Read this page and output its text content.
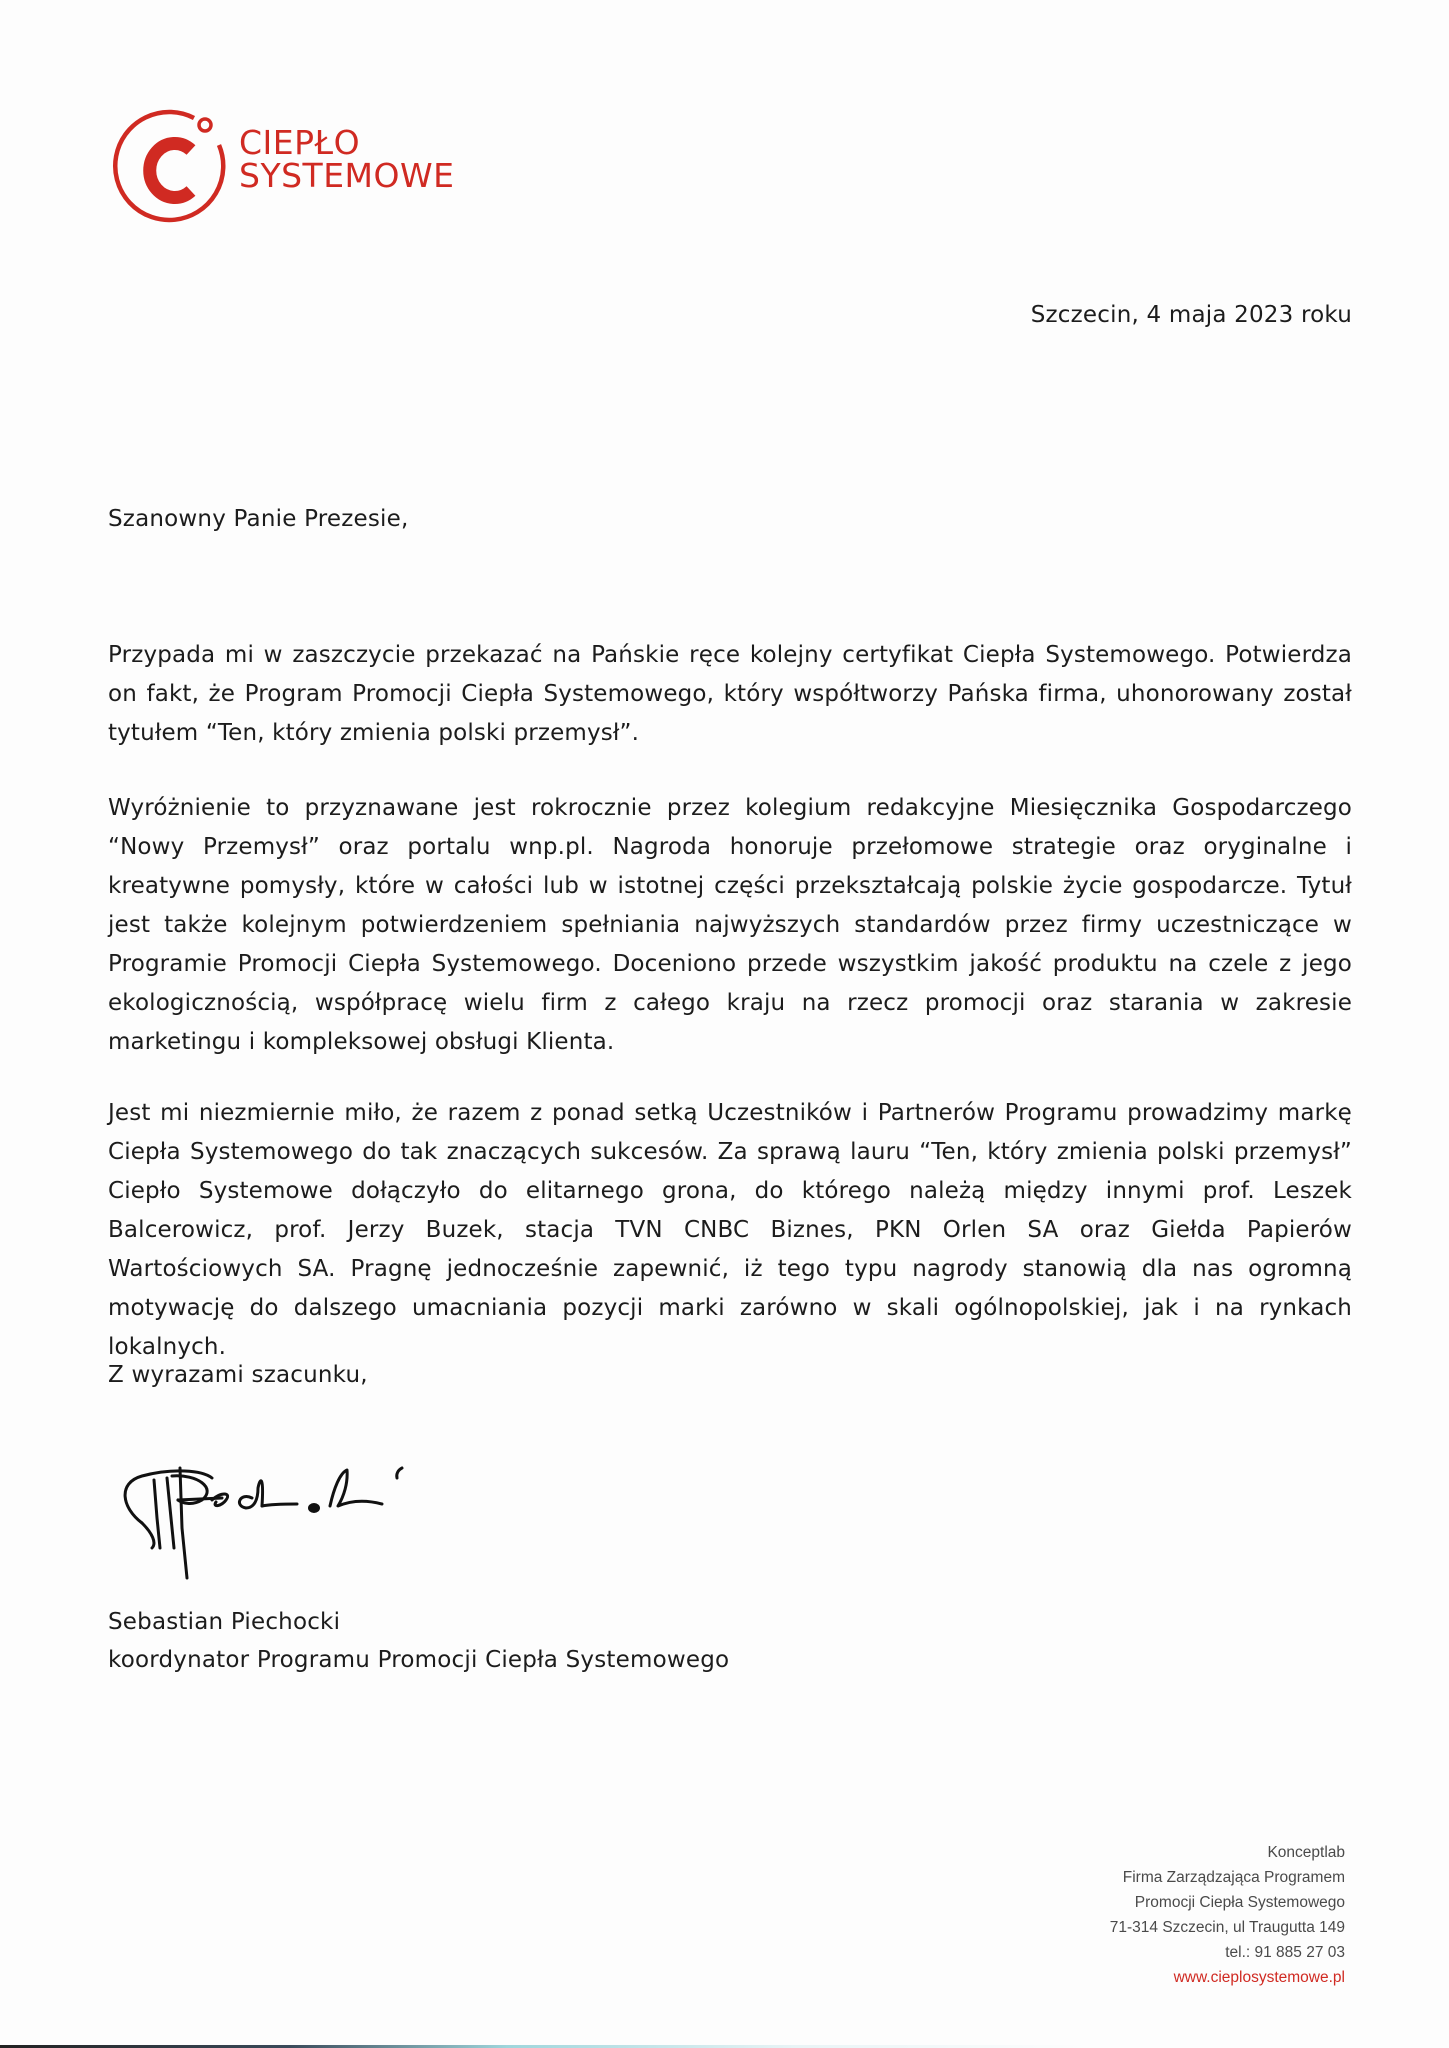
CIEPŁO
SYSTEMOWE
Szczecin, 4 maja 2023 roku
Szanowny Panie Prezesie,

Przypada mi w zaszczycie przekazać na Pańskie ręce kolejny certyfikat Ciepła Systemowego. Potwierdza on fakt, że Program Promocji Ciepła Systemowego, który współtworzy Pańska firma, uhonorowany został tytułem “Ten, który zmienia polski przemysł”.

Wyróżnienie to przyznawane jest rokrocznie przez kolegium redakcyjne Miesięcznika Gospodarczego “Nowy Przemysł” oraz portalu wnp.pl. Nagroda honoruje przełomowe strategie oraz oryginalne i kreatywne pomysły, które w całości lub w istotnej części przekształcają polskie życie gospodarcze. Tytuł jest także kolejnym potwierdzeniem spełniania najwyższych standardów przez firmy uczestniczące w Programie Promocji Ciepła Systemowego. Doceniono przede wszystkim jakość produktu na czele z jego ekologicznością, współpracę wielu firm z całego kraju na rzecz promocji oraz starania w zakresie marketingu i kompleksowej obsługi Klienta.

Jest mi niezmiernie miło, że razem z ponad setką Uczestników i Partnerów Programu prowadzimy markę Ciepła Systemowego do tak znaczących sukcesów. Za sprawą lauru “Ten, który zmienia polski przemysł” Ciepło Systemowe dołączyło do elitarnego grona, do którego należą między innymi prof. Leszek Balcerowicz, prof. Jerzy Buzek, stacja TVN CNBC Biznes, PKN Orlen SA oraz Giełda Papierów Wartościowych SA. Pragnę jednocześnie zapewnić, iż tego typu nagrody stanowią dla nas ogromną motywację do dalszego umacniania pozycji marki zarówno w skali ogólnopolskiej, jak i na rynkach lokalnych.

Z wyrazami szacunku,
Sebastian Piechocki
koordynator Programu Promocji Ciepła Systemowego
Konceptlab
Firma Zarządzająca Programem
Promocji Ciepła Systemowego
71-314 Szczecin, ul Traugutta 149
tel.: 91 885 27 03
www.cieplosystemowe.pl
